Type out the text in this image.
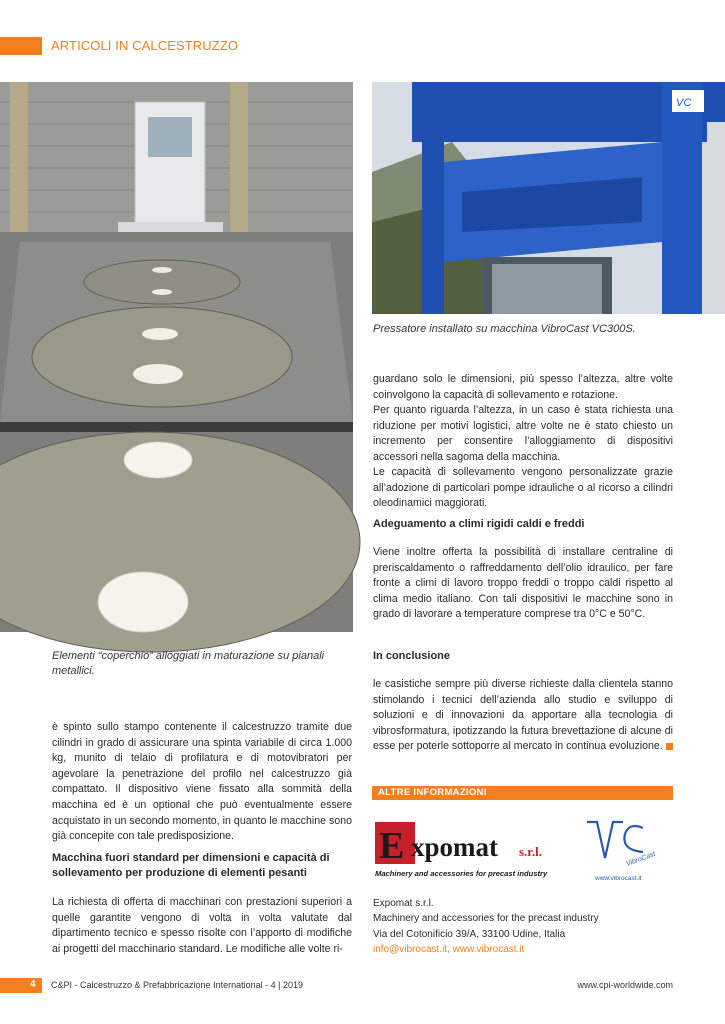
ARTICOLI IN CALCESTRUZZO
VC
Elementi “coperchio” alloggiati in maturazione su pianali metallici.
Pressatore installato su macchina VibroCast VC300S.
è spinto sullo stampo contenente il calcestruzzo tramite due cilindri in grado di assicurare una spinta variabile di circa 1.000 kg, munito di telaio di profilatura e di motovibratori per agevolare la penetrazione del profilo nel calcestruzzo già compattato. Il dispositivo viene fissato alla sommità della macchina ed è un optional che può eventualmente essere acquistato in un secondo momento, in quanto le macchine sono già concepite con tale predisposizione.
Macchina fuori standard per dimensioni e capacità di sollevamento per produzione di elementi pesanti
La richiesta di offerta di macchinari con prestazioni superiori a quelle garantite vengono di volta in volta valutate dal dipartimento tecnico e spesso risolte con l’apporto di modifiche ai progetti del macchinario standard. Le modifiche alle volte ri-
guardano solo le dimensioni, più spesso l’altezza, altre volte coinvolgono la capacità di sollevamento e rotazione.
Per quanto riguarda l’altezza, in un caso è stata richiesta una riduzione per motivi logistici, altre volte ne è stato chiesto un incremento per consentire l’alloggiamento di dispositivi accessori nella sagoma della macchina.
Le capacità di sollevamento vengono personalizzate grazie all’adozione di particolari pompe idrauliche o al ricorso a cilindri oleodinamici maggiorati.
Adeguamento a climi rigidi caldi e freddi
Viene inoltre offerta la possibilità di installare centraline di preriscaldamento o raffreddamento dell’olio idraulico, per fare fronte a climi di lavoro troppo freddi o troppo caldi rispetto al clima medio italiano. Con tali dispositivi le macchine sono in grado di lavorare a temperature comprese tra 0°C e 50°C.
In conclusione
le casistiche sempre più diverse richieste dalla clientela stanno stimolando i tecnici dell’azienda allo studio e sviluppo di soluzioni e di innovazioni da apportare alla tecnologia di vibrosformatura, ipotizzando la futura brevettazione di alcune di esse per poterle sottoporre al mercato in continua evoluzione.
ALTRE INFORMAZIONI
E xpomat s.r.l.
Machinery and accessories for precast industry
VibroCast
www.vibrocast.it
Expomat s.r.l.
Machinery and accessories for the precast industry
Via del Cotonificio 39/A, 33100 Udine, Italia
info@vibrocast.it, www.vibrocast.it
4 C&PI - Calcestruzzo & Prefabbricazione International - 4 | 2019	www.cpi-worldwide.com
